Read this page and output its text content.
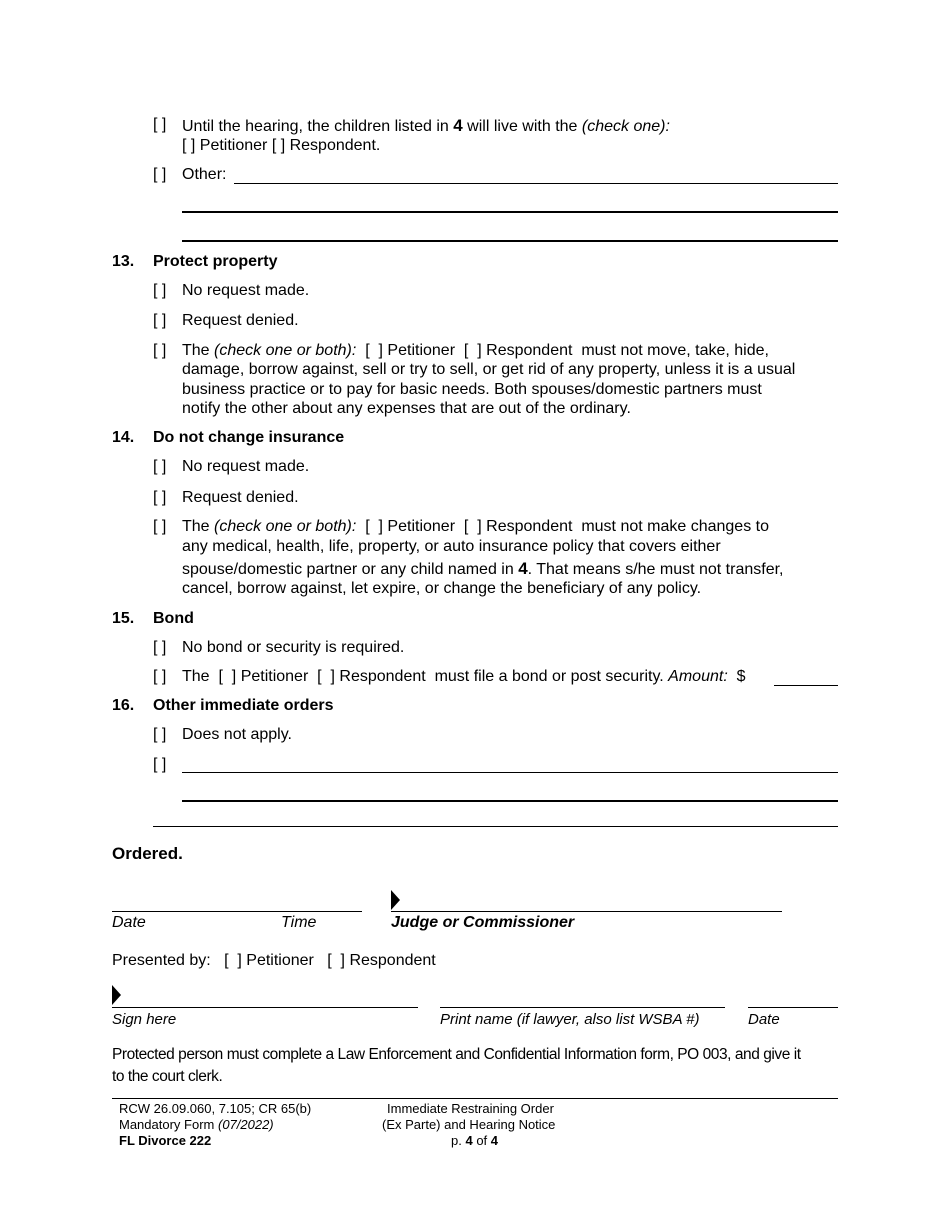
[ ] Until the hearing, the children listed in 4 will live with the (check one):
[ ] Petitioner [ ] Respondent.
[ ] Other:
13. Protect property
[ ] No request made.
[ ] Request denied.
[ ] The (check one or both):  [  ] Petitioner  [  ] Respondent  must not move, take, hide,
damage, borrow against, sell or try to sell, or get rid of any property, unless it is a usual
business practice or to pay for basic needs. Both spouses/domestic partners must
notify the other about any expenses that are out of the ordinary.
14. Do not change insurance
[ ] No request made.
[ ] Request denied.
[ ] The (check one or both):  [  ] Petitioner  [  ] Respondent  must not make changes to
any medical, health, life, property, or auto insurance policy that covers either
spouse/domestic partner or any child named in 4. That means s/he must not transfer,
cancel, borrow against, let expire, or change the beneficiary of any policy.
15. Bond
[ ] No bond or security is required.
[ ] The  [  ] Petitioner  [  ] Respondent  must file a bond or post security. Amount: $
16. Other immediate orders
[ ] Does not apply.
[ ]
Ordered.
Date	Time	Judge or Commissioner
Presented by:   [  ] Petitioner   [  ] Respondent
Sign here	Print name (if lawyer, also list WSBA #)	Date
Protected person must complete a Law Enforcement and Confidential Information form, PO 003, and give it
to the court clerk.
RCW 26.09.060, 7.105; CR 65(b)
Mandatory Form (07/2022)
FL Divorce 222
Immediate Restraining Order
(Ex Parte) and Hearing Notice
p. 4 of 4
